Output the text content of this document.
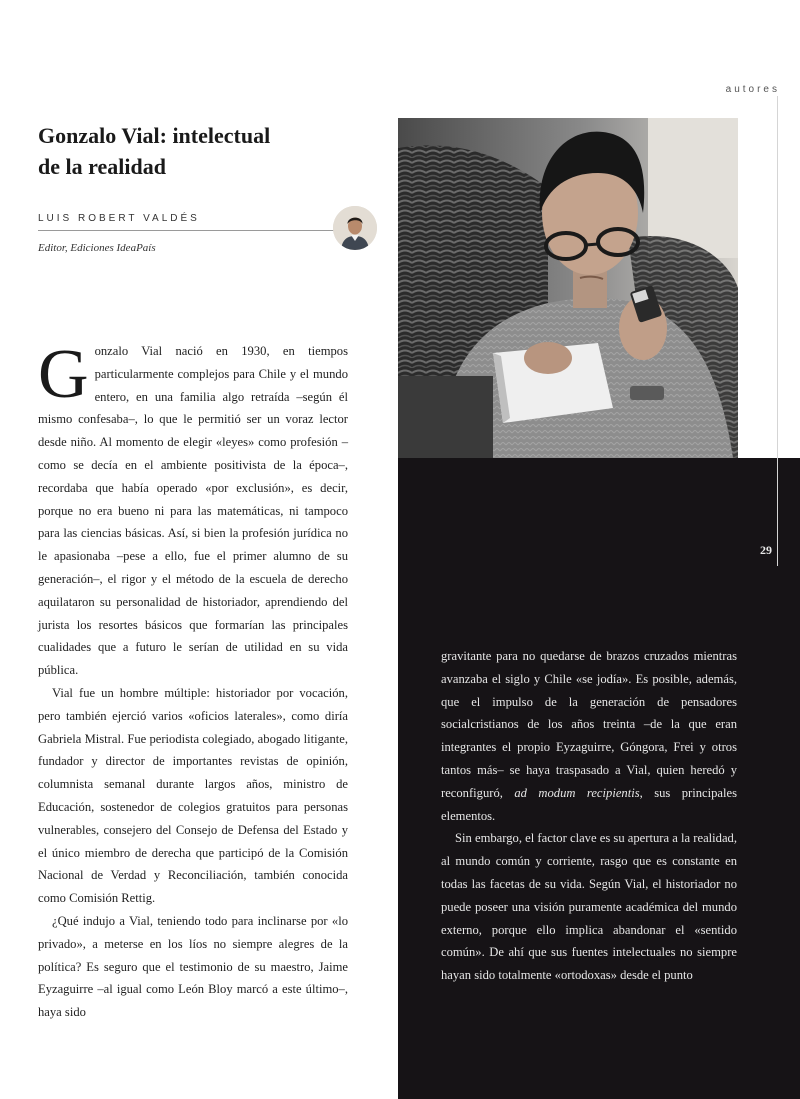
autores
Gonzalo Vial: intelectual
de la realidad
LUIS ROBERT VALDÉS
Editor, Ediciones IdeaPaís
29

Gonzalo Vial nació en 1930, en tiempos particularmente complejos para Chile y el mundo entero, en una familia algo retraída –según él mismo confesaba–, lo que le permitió ser un voraz lector desde niño. Al momento de elegir «leyes» como profesión –como se decía en el ambiente positivista de la época–, recordaba que había operado «por exclusión», es decir, porque no era bueno ni para las matemáticas, ni tampoco para las ciencias básicas. Así, si bien la profesión jurídica no le apasionaba –pese a ello, fue el primer alumno de su generación–, el rigor y el método de la escuela de derecho aquilataron su personalidad de historiador, aprendiendo del jurista los resortes básicos que formarían las principales cualidades que a futuro le serían de utilidad en su vida pública.

Vial fue un hombre múltiple: historiador por vocación, pero también ejerció varios «oficios laterales», como diría Gabriela Mistral. Fue periodista colegiado, abogado litigante, fundador y director de importantes revistas de opinión, columnista semanal durante largos años, ministro de Educación, sostenedor de colegios gratuitos para personas vulnerables, consejero del Consejo de Defensa del Estado y el único miembro de derecha que participó de la Comisión Nacional de Verdad y Reconciliación, también conocida como Comisión Rettig.

¿Qué indujo a Vial, teniendo todo para inclinarse por «lo privado», a meterse en los líos no siempre alegres de la política? Es seguro que el testimonio de su maestro, Jaime Eyzaguirre –al igual como León Bloy marcó a este último–, haya sido

gravitante para no quedarse de brazos cruzados mientras avanzaba el siglo y Chile «se jodía». Es posible, además, que el impulso de la generación de pensadores socialcristianos de los años treinta –de la que eran integrantes el propio Eyzaguirre, Góngora, Frei y otros tantos más– se haya traspasado a Vial, quien heredó y reconfiguró, ad modum recipientis, sus principales elementos.

Sin embargo, el factor clave es su apertura a la realidad, al mundo común y corriente, rasgo que es constante en todas las facetas de su vida. Según Vial, el historiador no puede poseer una visión puramente académica del mundo externo, porque ello implica abandonar el «sentido común». De ahí que sus fuentes intelectuales no siempre hayan sido totalmente «ortodoxas» desde el punto
